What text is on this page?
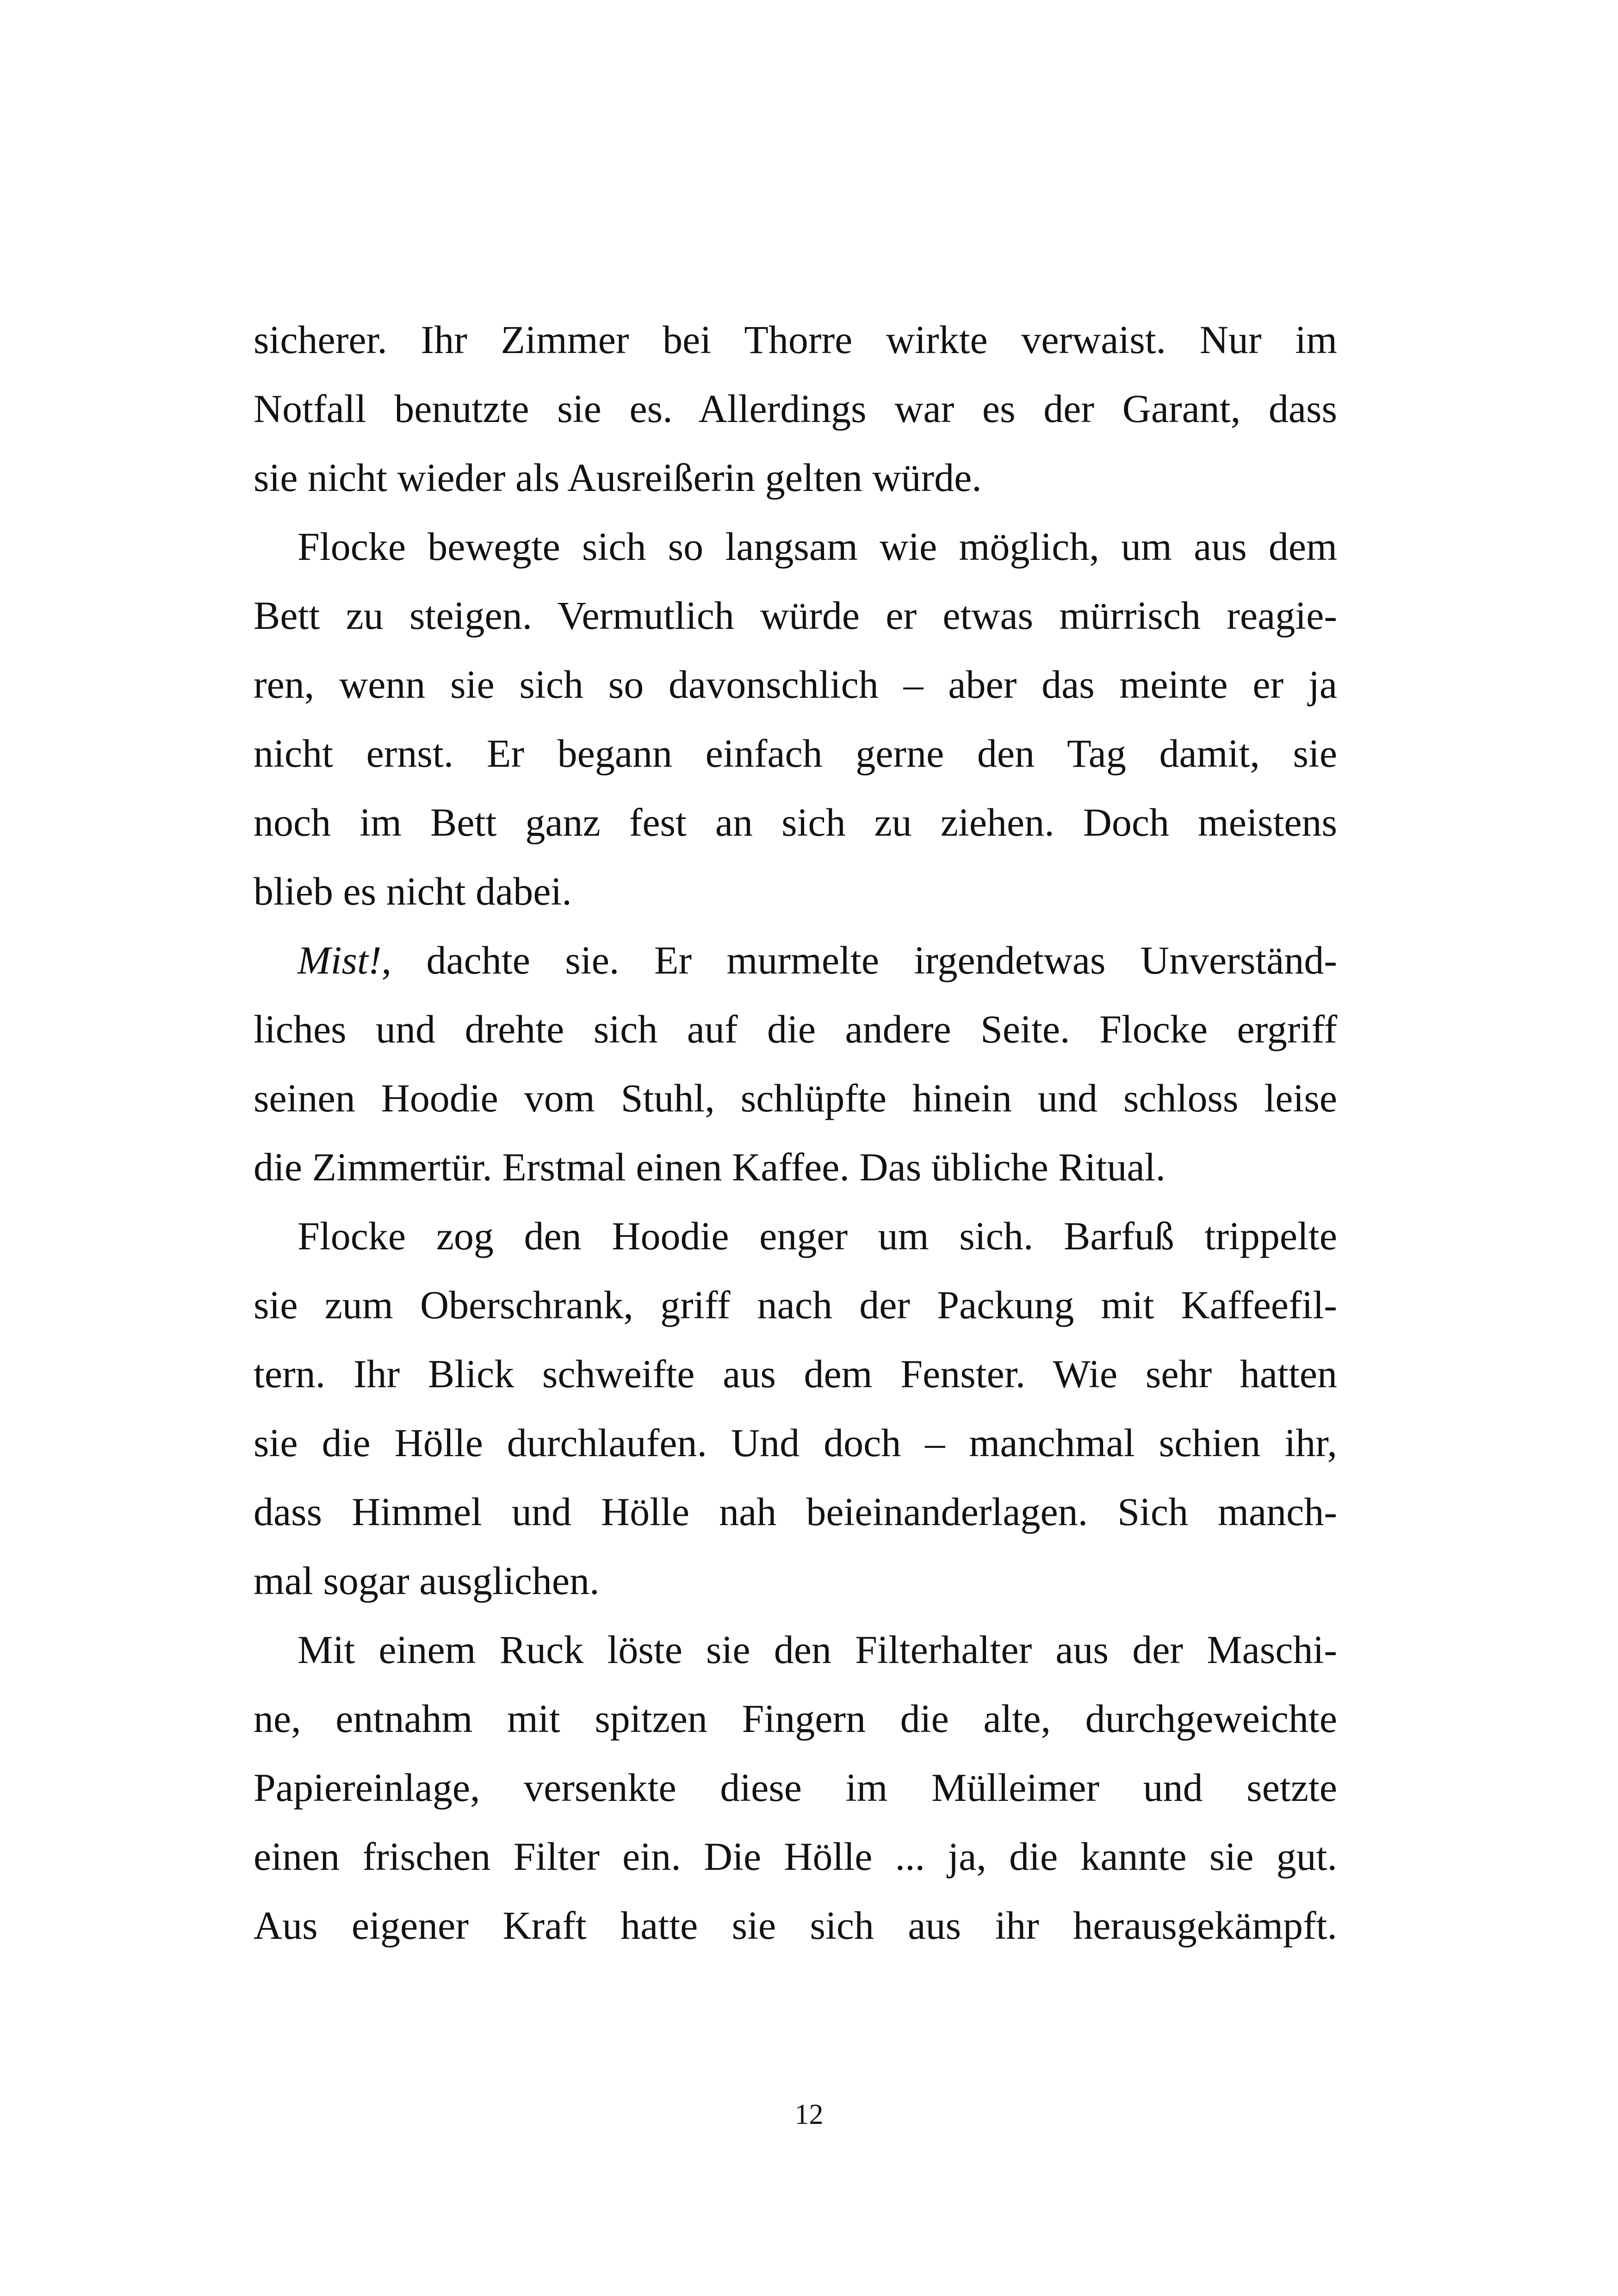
sicherer. Ihr Zimmer bei Thorre wirkte verwaist. Nur im
Notfall benutzte sie es. Allerdings war es der Garant, dass
sie nicht wieder als Ausreißerin gelten würde.
Flocke bewegte sich so langsam wie möglich, um aus dem
Bett zu steigen. Vermutlich würde er etwas mürrisch reagie-
ren, wenn sie sich so davonschlich – aber das meinte er ja
nicht ernst. Er begann einfach gerne den Tag damit, sie
noch im Bett ganz fest an sich zu ziehen. Doch meistens
blieb es nicht dabei.
Mist!, dachte sie. Er murmelte irgendetwas Unverständ-
liches und drehte sich auf die andere Seite. Flocke ergriff
seinen Hoodie vom Stuhl, schlüpfte hinein und schloss leise
die Zimmertür. Erstmal einen Kaffee. Das übliche Ritual.
Flocke zog den Hoodie enger um sich. Barfuß trippelte
sie zum Oberschrank, griff nach der Packung mit Kaffeefil-
tern. Ihr Blick schweifte aus dem Fenster. Wie sehr hatten
sie die Hölle durchlaufen. Und doch – manchmal schien ihr,
dass Himmel und Hölle nah beieinanderlagen. Sich manch-
mal sogar ausglichen.
Mit einem Ruck löste sie den Filterhalter aus der Maschi-
ne, entnahm mit spitzen Fingern die alte, durchgeweichte
Papiereinlage, versenkte diese im Mülleimer und setzte
einen frischen Filter ein. Die Hölle ... ja, die kannte sie gut.
Aus eigener Kraft hatte sie sich aus ihr herausgekämpft.
12
